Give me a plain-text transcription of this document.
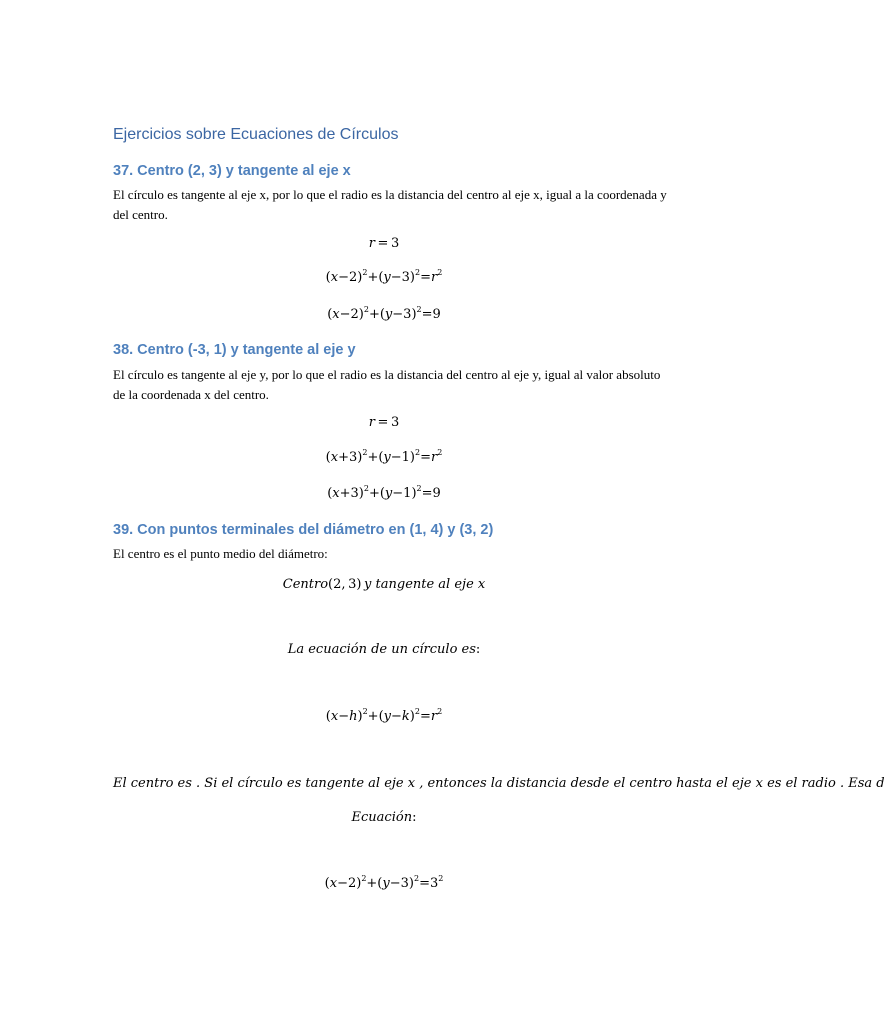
Ejercicios sobre Ecuaciones de Círculos
37. Centro (2, 3) y tangente al eje x

El círculo es tangente al eje x, por lo que el radio es la distancia del centro al eje x, igual a la coordenada y del centro.

r = 3
$(x-2)^2+(y-3)^2=r^2$
$(x-2)^2+(y-3)^2=9$
38. Centro (-3, 1) y tangente al eje y

El círculo es tangente al eje y, por lo que el radio es la distancia del centro al eje y, igual al valor absoluto de la coordenada x del centro.

r = 3
$(x+3)^2+(y-1)^2=r^2$
$(x+3)^2+(y-1)^2=9$
39. Con puntos terminales del diámetro en (1, 4) y (3, 2)

El centro es el punto medio del diámetro:

Centro(2, 3) y tangente al eje x
La ecuación de un círculo es:
$(x-h)^2+(y-k)^2=r^2$
El centro es . Si el círculo es tangente al eje x , entonces la distancia desde el centro hasta el eje x es el radio . Esa d
Ecuación:
$(x-2)^2+(y-3)^2=3^2$
